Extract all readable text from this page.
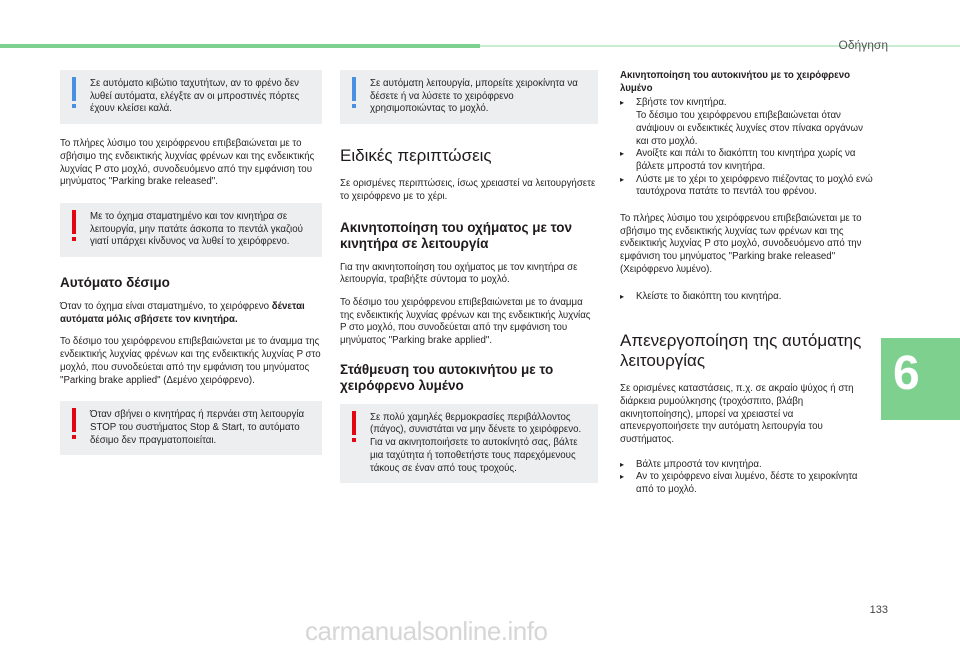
Οδήγηση

Σε αυτόματο κιβώτιο ταχυτήτων, αν το φρένο δεν λυθεί αυτόματα, ελέγξτε αν οι μπροστινές πόρτες έχουν κλείσει καλά.

Το πλήρες λύσιμο του χειρόφρενου επιβεβαιώνεται με το σβήσιμο της ενδεικτικής λυχνίας φρένων και της ενδεικτικής λυχνίας P στο μοχλό, συνοδευόμενο από την εμφάνιση του μηνύματος "Parking brake released".

Με το όχημα σταματημένο και τον κινητήρα σε λειτουργία, μην πατάτε άσκοπα το πεντάλ γκαζιού γιατί υπάρχει κίνδυνος να λυθεί το χειρόφρενο.

Αυτόματο δέσιμο

Όταν το όχημα είναι σταματημένο, το χειρόφρενο δένεται αυτόματα μόλις σβήσετε τον κινητήρα.

Το δέσιμο του χειρόφρενου επιβεβαιώνεται με το άναμμα της ενδεικτικής λυχνίας φρένων και της ενδεικτικής λυχνίας P στο μοχλό, που συνοδεύεται από την εμφάνιση του μηνύματος "Parking brake applied" (Δεμένο χειρόφρενο).

Όταν σβήνει ο κινητήρας ή περνάει στη λειτουργία STOP του συστήματος Stop & Start, το αυτόματο δέσιμο δεν πραγματοποιείται.

Σε αυτόματη λειτουργία, μπορείτε χειροκίνητα να δέσετε ή να λύσετε το χειρόφρενο χρησιμοποιώντας το μοχλό.

Ειδικές περιπτώσεις

Σε ορισμένες περιπτώσεις, ίσως χρειαστεί να λειτουργήσετε το χειρόφρενο με το χέρι.

Ακινητοποίηση του οχήματος με τον κινητήρα σε λειτουργία

Για την ακινητοποίηση του οχήματος με τον κινητήρα σε λειτουργία, τραβήξτε σύντομα το μοχλό.

Το δέσιμο του χειρόφρενου επιβεβαιώνεται με το άναμμα της ενδεικτικής λυχνίας φρένων και της ενδεικτικής λυχνίας P στο μοχλό, που συνοδεύεται από την εμφάνιση του μηνύματος "Parking brake applied".

Στάθμευση του αυτοκινήτου με το χειρόφρενο λυμένο

Σε πολύ χαμηλές θερμοκρασίες περιβάλλοντος (πάγος), συνιστάται να μην δένετε το χειρόφρενο.
Για να ακινητοποιήσετε το αυτοκίνητό σας, βάλτε μια ταχύτητα ή τοποθετήστε τους παρεχόμενους τάκους σε έναν από τους τροχούς.

Ακινητοποίηση του αυτοκινήτου με το χειρόφρενο λυμένο

▸ Σβήστε τον κινητήρα.
Το δέσιμο του χειρόφρενου επιβεβαιώνεται όταν ανάψουν οι ενδεικτικές λυχνίες στον πίνακα οργάνων και στο μοχλό.
▸ Ανοίξτε και πάλι το διακόπτη του κινητήρα χωρίς να βάλετε μπροστά τον κινητήρα.
▸ Λύστε με το χέρι το χειρόφρενο πιέζοντας το μοχλό ενώ ταυτόχρονα πατάτε το πεντάλ του φρένου.

Το πλήρες λύσιμο του χειρόφρενου επιβεβαιώνεται με το σβήσιμο της ενδεικτικής λυχνίας των φρένων και της ενδεικτικής λυχνίας P στο μοχλό, συνοδευόμενο από την εμφάνιση του μηνύματος "Parking brake released" (Χειρόφρενο λυμένο).

▸ Κλείστε το διακόπτη του κινητήρα.
Απενεργοποίηση της αυτόματης λειτουργίας

Σε ορισμένες καταστάσεις, π.χ. σε ακραίο ψύχος ή στη διάρκεια ρυμούλκησης (τροχόσπιτο, βλάβη ακινητοποίησης), μπορεί να χρειαστεί να απενεργοποιήσετε την αυτόματη λειτουργία του συστήματος.

▸ Βάλτε μπροστά τον κινητήρα.
▸ Αν το χειρόφρενο είναι λυμένο, δέστε το χειροκίνητα από το μοχλό.
6
133
carmanualsonline.info
